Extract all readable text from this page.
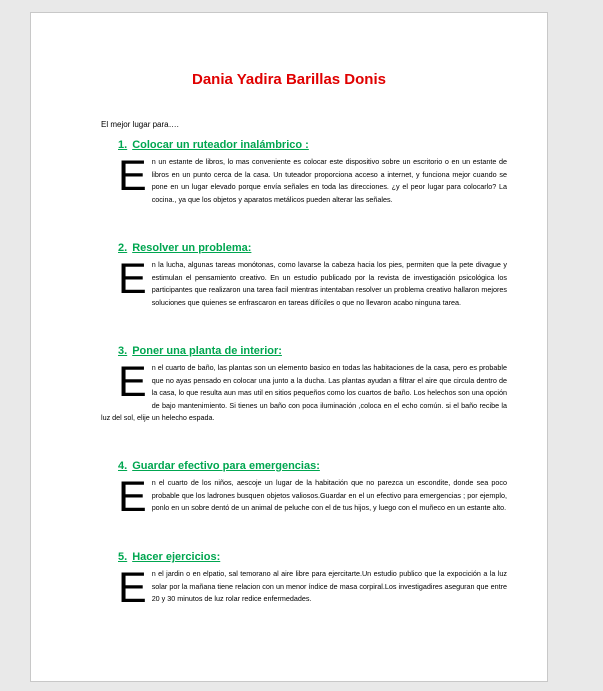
Dania Yadira Barillas Donis
El mejor lugar para….
1. Colocar un ruteador inalámbrico :
E n un estante de libros, lo mas conveniente es colocar este dispositivo sobre un escritorio o en un estante de libros en un punto cerca de la casa. Un tuteador proporciona acceso a internet, y funciona mejor cuando se pone en un lugar elevado porque envía señales en toda las direcciones. ¿y el peor lugar para colocarlo? La cocina., ya que los objetos y aparatos metálicos pueden alterar las señales.
2. Resolver un problema:
E n la lucha, algunas tareas monótonas, como lavarse la cabeza hacia los pies, permiten que la pete divague y estimulan el pensamiento creativo. En un estudio publicado por la revista de investigación psicológica los participantes que realizaron una tarea facil mientras intentaban resolver un problema creativo hallaron mejores soluciones que quienes se enfrascaron en tareas difíciles o que no llevaron acabo ninguna tarea.
3. Poner una planta de interior:
E n el cuarto de baño, las plantas son un elemento basico en todas las habitaciones de la casa, pero es probable que no ayas pensado en colocar una junto a la ducha. Las plantas ayudan a filtrar el aire que circula dentro de la casa, lo que resulta aun mas util en sitios pequeños como los cuartos de baño. Los helechos son una opción de bajo mantenimiento. Si tienes un baño con poca iluminación ,coloca en el echo común. si el baño recibe la luz del sol, elije un helecho espada.
4. Guardar efectivo para emergencias:
E n el cuarto de los niños, aescoje un lugar de la habitación que no parezca un escondite, donde sea poco probable que los ladrones busquen objetos valiosos.Guardar en el un efectivo para emergencias ; por ejemplo, ponlo en un sobre dentó de un animal de peluche con el de tus hijos, y luego con el muñeco en un estante alto.
5. Hacer ejercicios:
E n el jardin o en elpatio, sal temorano al aire libre para ejercitarte.Un estudio publico que la expocición a la luz solar por la mañana tiene relacion con un menor índice de masa corpiral.Los investigadires aseguran que entre 20 y 30 minutos de luz rolar redice enfermedades.
